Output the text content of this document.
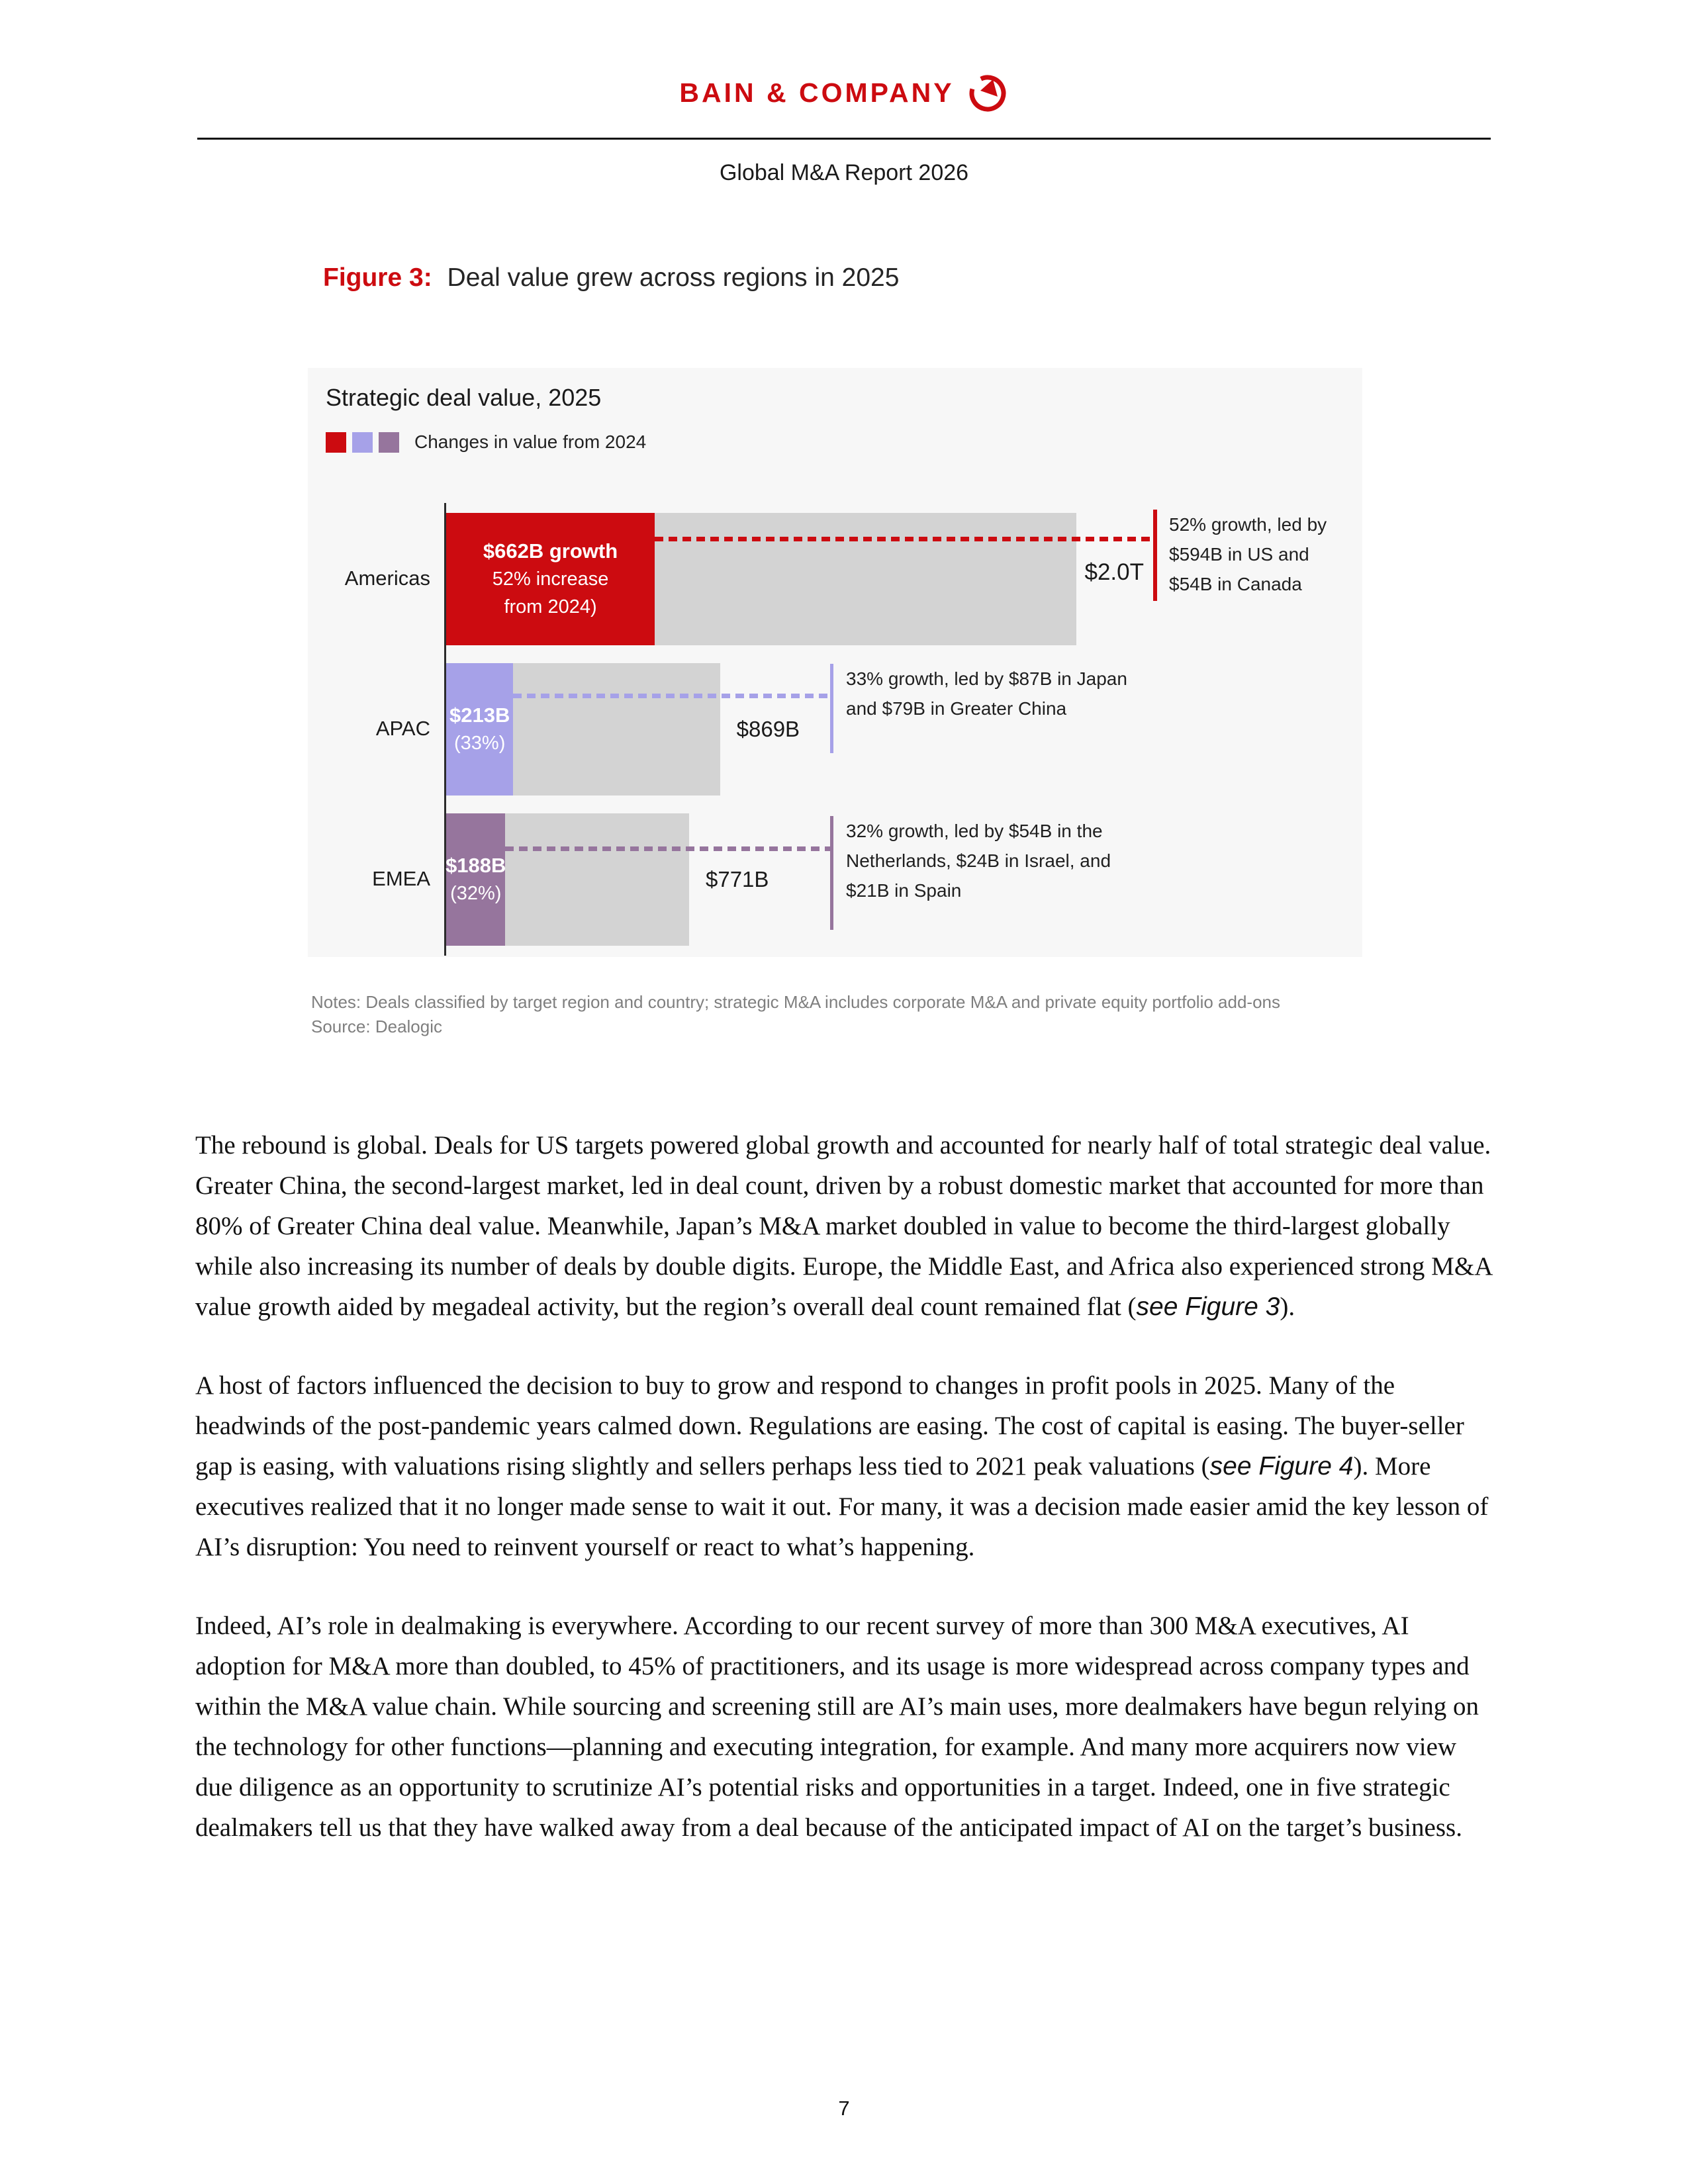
BAIN & COMPANY
Global M&A Report 2026
Figure 3: Deal value grew across regions in 2025
Strategic deal value, 2025
Changes in value from 2024
Americas
APAC
EMEA
$662B growth
52% increase
from 2024)
$213B
(33%)
$188B
(32%)
$2.0T
$869B
$771B
52% growth, led by
$594B in US and
$54B in Canada
33% growth, led by $87B in Japan
and $79B in Greater China
32% growth, led by $54B in the
Netherlands, $24B in Israel, and
$21B in Spain
Notes: Deals classified by target region and country; strategic M&A includes corporate M&A and private equity portfolio add-ons
Source: Dealogic

The rebound is global. Deals for US targets powered global growth and accounted for nearly half of total strategic deal value. Greater China, the second-largest market, led in deal count, driven by a robust domestic market that accounted for more than 80% of Greater China deal value. Meanwhile, Japan’s M&A market doubled in value to become the third-largest globally while also increasing its number of deals by double digits. Europe, the Middle East, and Africa also experienced strong M&A value growth aided by megadeal activity, but the region’s overall deal count remained flat (see Figure 3).

A host of factors influenced the decision to buy to grow and respond to changes in profit pools in 2025. Many of the headwinds of the post-pandemic years calmed down. Regulations are easing. The cost of capital is easing. The buyer-seller gap is easing, with valuations rising slightly and sellers perhaps less tied to 2021 peak valuations (see Figure 4). More executives realized that it no longer made sense to wait it out. For many, it was a decision made easier amid the key lesson of AI’s disruption: You need to reinvent yourself or react to what’s happening.

Indeed, AI’s role in dealmaking is everywhere. According to our recent survey of more than 300 M&A executives, AI adoption for M&A more than doubled, to 45% of practitioners, and its usage is more widespread across company types and within the M&A value chain. While sourcing and screening still are AI’s main uses, more dealmakers have begun relying on the technology for other functions—planning and executing integration, for example. And many more acquirers now view due diligence as an opportunity to scrutinize AI’s potential risks and opportunities in a target. Indeed, one in five strategic dealmakers tell us that they have walked away from a deal because of the anticipated impact of AI on the target’s business.

7
